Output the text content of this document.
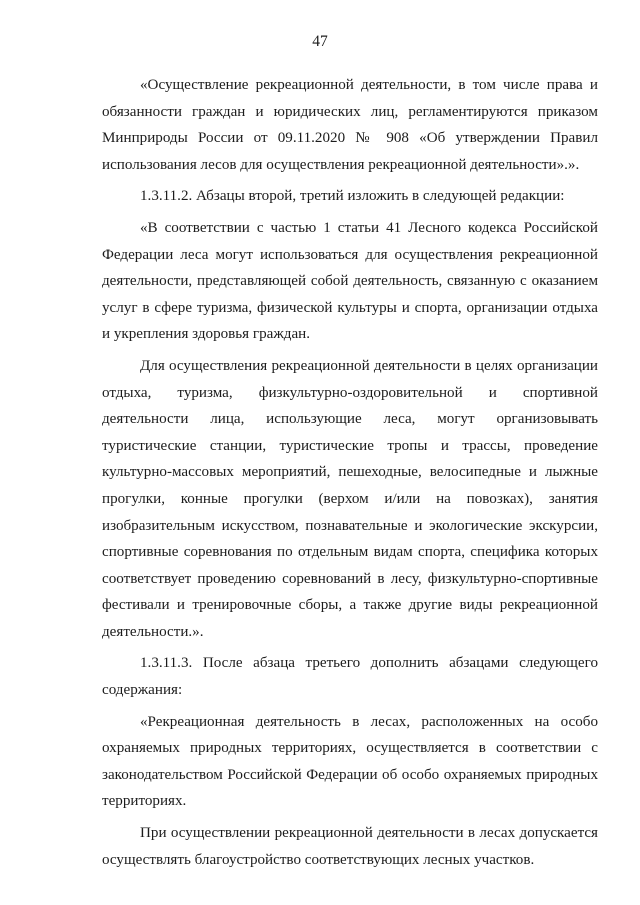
47

«Осуществление рекреационной деятельности, в том числе права и обязанности граждан и юридических лиц, регламентируются приказом Минприроды России от 09.11.2020 № 908 «Об утверждении Правил использования лесов для осуществления рекреационной деятельности».».

1.3.11.2. Абзацы второй, третий изложить в следующей редакции:

«В соответствии с частью 1 статьи 41 Лесного кодекса Российской Федерации леса могут использоваться для осуществления рекреационной деятельности, представляющей собой деятельность, связанную с оказанием услуг в сфере туризма, физической культуры и спорта, организации отдыха и укрепления здоровья граждан.

Для осуществления рекреационной деятельности в целях организации отдыха, туризма, физкультурно-оздоровительной и спортивной деятельности лица, использующие леса, могут организовывать туристические станции, туристические тропы и трассы, проведение культурно-массовых мероприятий, пешеходные, велосипедные и лыжные прогулки, конные прогулки (верхом и/или на повозках), занятия изобразительным искусством, познавательные и экологические экскурсии, спортивные соревнования по отдельным видам спорта, специфика которых соответствует проведению соревнований в лесу, физкультурно-спортивные фестивали и тренировочные сборы, а также другие виды рекреационной деятельности.».

1.3.11.3. После абзаца третьего дополнить абзацами следующего содержания:

«Рекреационная деятельность в лесах, расположенных на особо охраняемых природных территориях, осуществляется в соответствии с законодательством Российской Федерации об особо охраняемых природных территориях.

При осуществлении рекреационной деятельности в лесах допускается осуществлять благоустройство соответствующих лесных участков.
